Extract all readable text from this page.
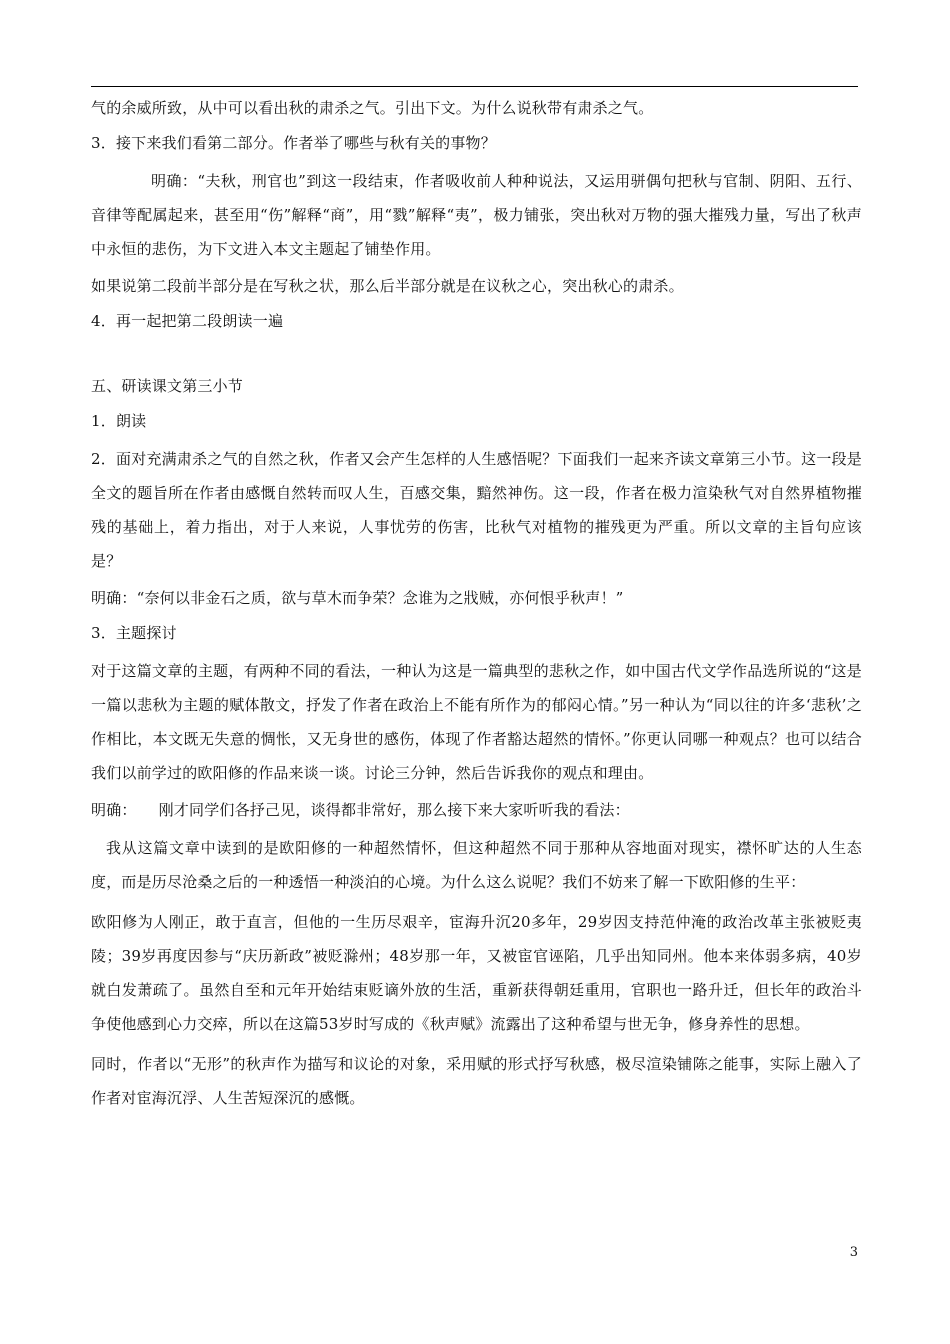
气的余威所致，从中可以看出秋的肃杀之气。引出下文。为什么说秋带有肃杀之气。

3．接下来我们看第二部分。作者举了哪些与秋有关的事物？

明确：“夫秋，刑官也”到这一段结束，作者吸收前人种种说法，又运用骈偶句把秋与官制、阴阳、五行、音律等配属起来，甚至用“伤”解释“商”，用“戮”解释“夷”，极力铺张，突出秋对万物的强大摧残力量，写出了秋声中永恒的悲伤，为下文进入本文主题起了铺垫作用。

如果说第二段前半部分是在写秋之状，那么后半部分就是在议秋之心，突出秋心的肃杀。

4．再一起把第二段朗读一遍

五、研读课文第三小节

1．朗读

2．面对充满肃杀之气的自然之秋，作者又会产生怎样的人生感悟呢？下面我们一起来齐读文章第三小节。这一段是全文的题旨所在作者由感慨自然转而叹人生，百感交集，黯然神伤。这一段，作者在极力渲染秋气对自然界植物摧残的基础上，着力指出，对于人来说，人事忧劳的伤害，比秋气对植物的摧残更为严重。所以文章的主旨句应该是？

明确：“奈何以非金石之质，欲与草木而争荣？念谁为之戕贼，亦何恨乎秋声！”

3．主题探讨

对于这篇文章的主题，有两种不同的看法，一种认为这是一篇典型的悲秋之作，如中国古代文学作品选所说的“这是一篇以悲秋为主题的赋体散文，抒发了作者在政治上不能有所作为的郁闷心情。”另一种认为“同以往的许多‘悲秋’之作相比，本文既无失意的惆怅，又无身世的感伤，体现了作者豁达超然的情怀。”你更认同哪一种观点？也可以结合我们以前学过的欧阳修的作品来谈一谈。讨论三分钟，然后告诉我你的观点和理由。

明确： 刚才同学们各抒己见，谈得都非常好，那么接下来大家听听我的看法：

我从这篇文章中读到的是欧阳修的一种超然情怀，但这种超然不同于那种从容地面对现实，襟怀旷达的人生态度，而是历尽沧桑之后的一种透悟一种淡泊的心境。为什么这么说呢？我们不妨来了解一下欧阳修的生平：

欧阳修为人刚正，敢于直言，但他的一生历尽艰辛，宦海升沉20多年，29岁因支持范仲淹的政治改革主张被贬夷陵；39岁再度因参与“庆历新政”被贬滁州；48岁那一年，又被宦官诬陷，几乎出知同州。他本来体弱多病，40岁就白发萧疏了。虽然自至和元年开始结束贬谪外放的生活，重新获得朝廷重用，官职也一路升迁，但长年的政治斗争使他感到心力交瘁，所以在这篇53岁时写成的《秋声赋》流露出了这种希望与世无争，修身养性的思想。

同时，作者以“无形”的秋声作为描写和议论的对象，采用赋的形式抒写秋感，极尽渲染铺陈之能事，实际上融入了作者对宦海沉浮、人生苦短深沉的感慨。

3
